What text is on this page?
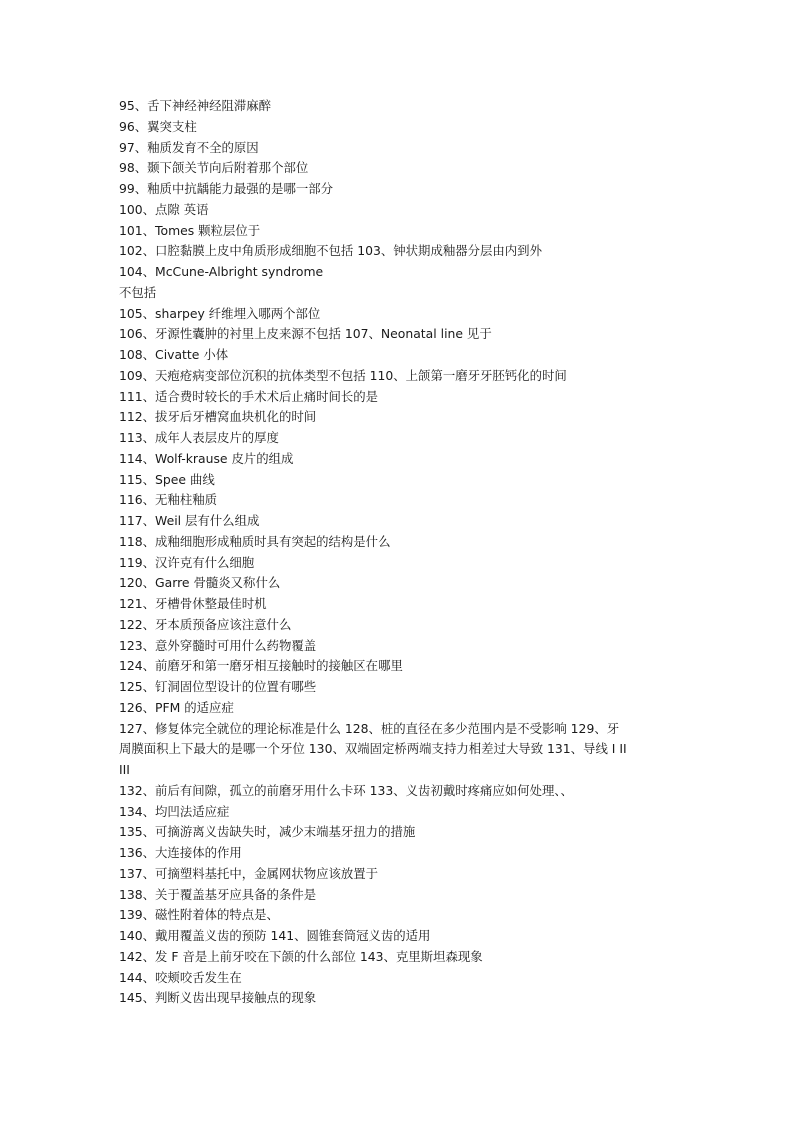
95、舌下神经神经阻滞麻醉
96、翼突支柱
97、釉质发育不全的原因
98、颞下颌关节向后附着那个部位
99、釉质中抗龋能力最强的是哪一部分
100、点隙 英语
101、Tomes 颗粒层位于
102、口腔黏膜上皮中角质形成细胞不包括 103、钟状期成釉器分层由内到外
104、McCune-Albright syndrome
不包括
105、sharpey 纤维埋入哪两个部位
106、牙源性囊肿的衬里上皮来源不包括 107、Neonatal line 见于
108、Civatte 小体
109、天疱疮病变部位沉积的抗体类型不包括 110、上颌第一磨牙牙胚钙化的时间
111、适合费时较长的手术术后止痛时间长的是
112、拔牙后牙槽窝血块机化的时间
113、成年人表层皮片的厚度
114、Wolf-krause 皮片的组成
115、Spee 曲线
116、无釉柱釉质
117、Weil 层有什么组成
118、成釉细胞形成釉质时具有突起的结构是什么
119、汉许克有什么细胞
120、Garre 骨髓炎又称什么
121、牙槽骨休整最佳时机
122、牙本质预备应该注意什么
123、意外穿髓时可用什么药物覆盖
124、前磨牙和第一磨牙相互接触时的接触区在哪里
125、钉洞固位型设计的位置有哪些
126、PFM 的适应症
127、修复体完全就位的理论标准是什么 128、桩的直径在多少范围内是不受影响 129、牙
周膜面积上下最大的是哪一个牙位 130、双端固定桥两端支持力相差过大导致 131、导线 I II
III
132、前后有间隙，孤立的前磨牙用什么卡环 133、义齿初戴时疼痛应如何处理、、
134、均凹法适应症
135、可摘游离义齿缺失时，减少末端基牙扭力的措施
136、大连接体的作用
137、可摘塑料基托中，金属网状物应该放置于
138、关于覆盖基牙应具备的条件是
139、磁性附着体的特点是、
140、戴用覆盖义齿的预防 141、圆锥套筒冠义齿的适用
142、发 F 音是上前牙咬在下颌的什么部位 143、克里斯坦森现象
144、咬颊咬舌发生在
145、判断义齿出现早接触点的现象
